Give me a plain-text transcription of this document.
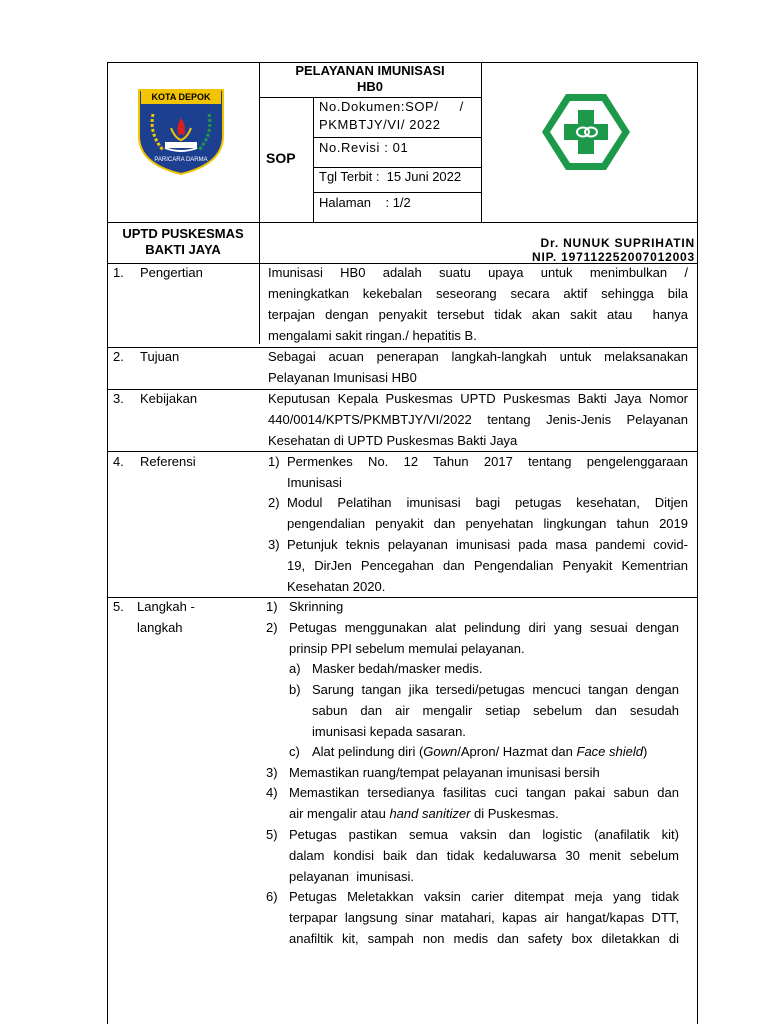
KOTA DEPOK
PARICARA DARMA
PELAYANAN IMUNISASI
HB0
SOP
No.Dokumen:SOP/     /
PKMBTJY/VI/ 2022
No.Revisi : 01
Tgl Terbit :  15 Juni 2022
Halaman    : 1/2
UPTD PUSKESMAS
BAKTI JAYA	Dr. NUNUK SUPRIHATIN
NIP. 197112252007012003
1. Pengertian	Imunisasi HB0 adalah suatu upaya untuk menimbulkan /
meningkatkan kekebalan seseorang secara aktif sehingga bila
terpajan dengan penyakit tersebut tidak akan sakit atau  hanya
mengalami sakit ringan./ hepatitis B.
2. Tujuan	Sebagai acuan penerapan langkah-langkah untuk melaksanakan
Pelayanan Imunisasi HB0
3. Kebijakan	Keputusan Kepala Puskesmas UPTD Puskesmas Bakti Jaya Nomor
440/0014/KPTS/PKMBTJY/VI/2022 tentang Jenis-Jenis Pelayanan
Kesehatan di UPTD Puskesmas Bakti Jaya
4. Referensi	1) Permenkes No. 12 Tahun 2017 tentang pengelenggaraan
Imunisasi
2) Modul Pelatihan imunisasi bagi petugas kesehatan, Ditjen
pengendalian penyakit dan penyehatan lingkungan tahun 2019
3) Petunjuk teknis pelayanan imunisasi pada masa pandemi covid-
19, DirJen Pencegahan dan Pengendalian Penyakit Kementrian
Kesehatan 2020.
5. Langkah -
langkah
1) Skrinning
2) Petugas menggunakan alat pelindung diri yang sesuai dengan
prinsip PPI sebelum memulai pelayanan.
a) Masker bedah/masker medis.
b) Sarung tangan jika tersedi/petugas mencuci tangan dengan
sabun dan air mengalir setiap sebelum dan sesudah
imunisasi kepada sasaran.
c) Alat pelindung diri (Gown/Apron/ Hazmat dan Face shield)
3) Memastikan ruang/tempat pelayanan imunisasi bersih
4) Memastikan tersedianya fasilitas cuci tangan pakai sabun dan
air mengalir atau hand sanitizer di Puskesmas.
5) Petugas pastikan semua vaksin dan logistic (anafilatik kit)
dalam kondisi baik dan tidak kedaluwarsa 30 menit sebelum
pelayanan  imunisasi.
6) Petugas Meletakkan vaksin carier ditempat meja yang tidak
terpapar langsung sinar matahari, kapas air hangat/kapas DTT,
anafiltik kit, sampah non medis dan safety box diletakkan di
